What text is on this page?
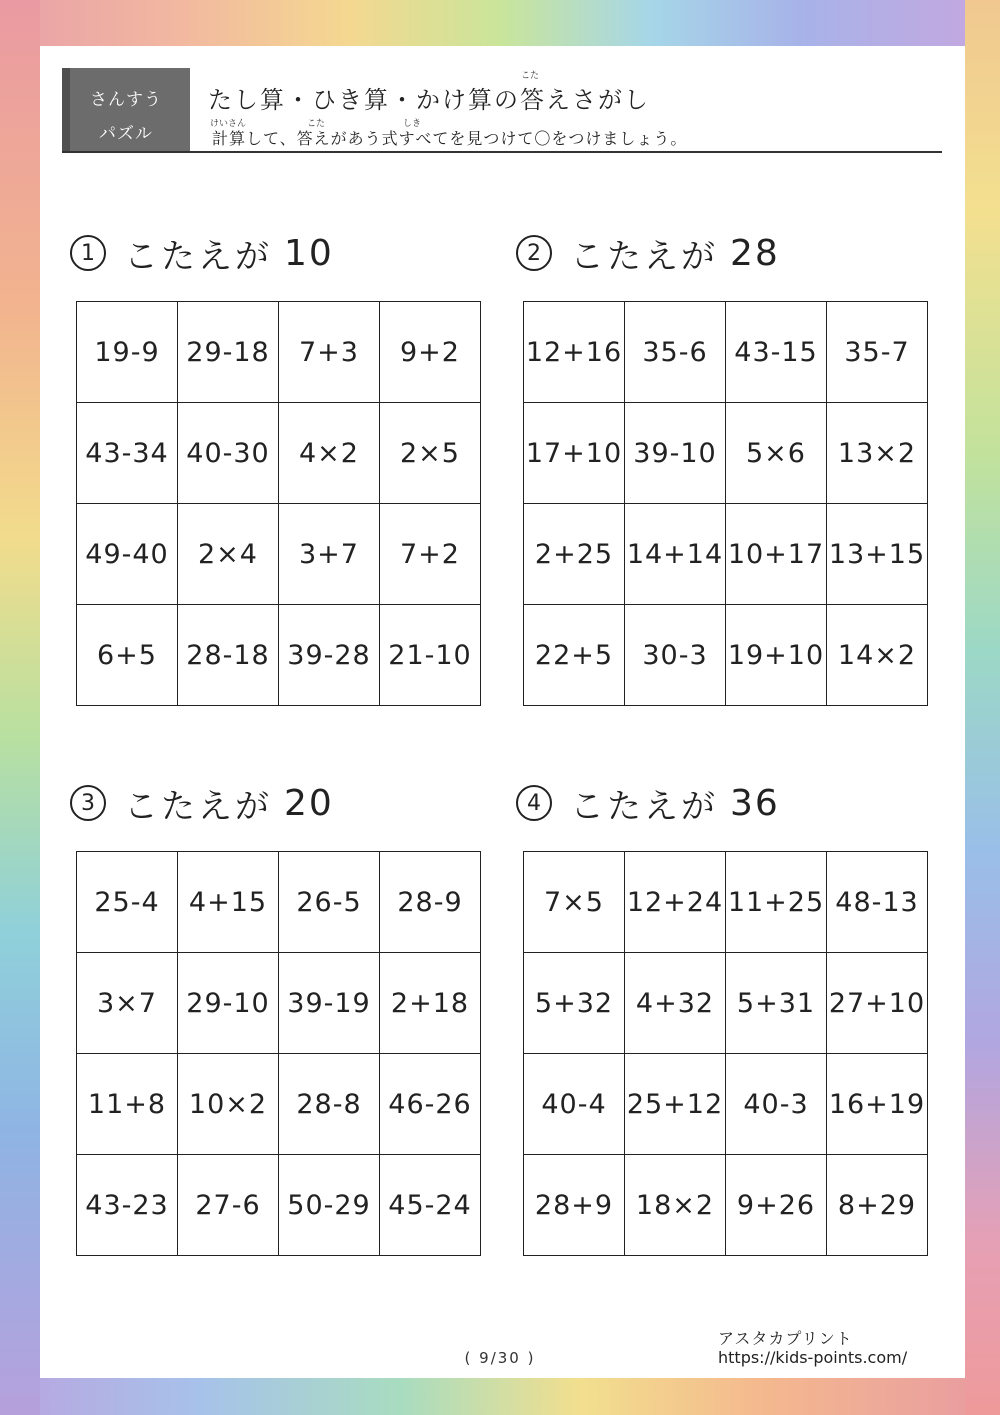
さんすう
パズル
こた
たし算・ひき算・かけ算の答えさがし
けいさん	こた	しき
計算して、答えがあう式すべてを見つけて〇をつけましょう。
1 こたえが 10
19-9	29-18	7+3	9+2
43-34	40-30	4×2	2×5
49-40	2×4	3+7	7+2
6+5	28-18	39-28	21-10
2 こたえが 28
12+16	35-6	43-15	35-7
17+10	39-10	5×6	13×2
2+25	14+14	10+17	13+15
22+5	30-3	19+10	14×2
3 こたえが 20
25-4	4+15	26-5	28-9
3×7	29-10	39-19	2+18
11+8	10×2	28-8	46-26
43-23	27-6	50-29	45-24
4 こたえが 36
7×5	12+24	11+25	48-13
5+32	4+32	5+31	27+10
40-4	25+12	40-3	16+19
28+9	18×2	9+26	8+29
( 9/30 )
アスタカプリント
https://kids-points.com/
